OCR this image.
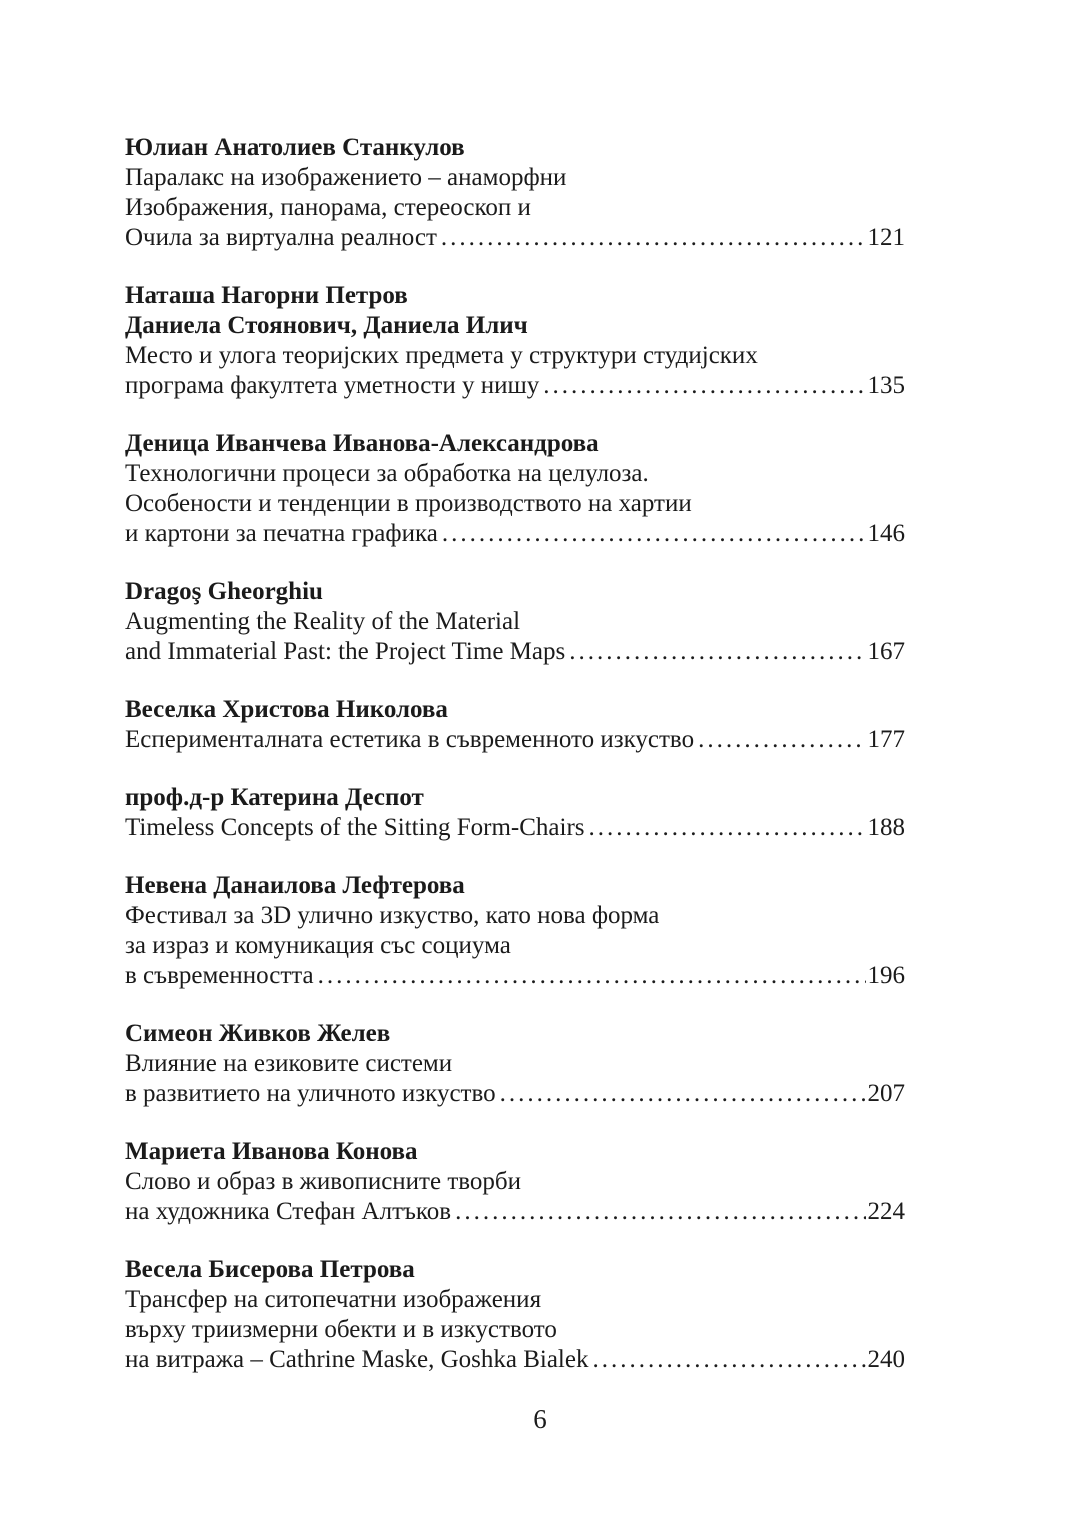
Юлиан Анатолиев Станкулов
Паралакс на изображението – анаморфни
Изображения, панорама, стереоскоп и
Очила за виртуална реалност .....	121
Наташа Нагорни Петров
Даниела Стоянович, Даниела Илич
Место и улога теоријских предмета у структури студијских
програма факултета уметности у нишу .....	135
Деница Иванчева Иванова-Александрова
Технологични процеси за обработка на целулоза.
Особености и тенденции в производството на хартии
и картони за печатна графика .....	146
Dragoş Gheorghiu
Augmenting the Reality of the Material
and Immaterial Past: the Project Time Maps .....	167
Веселка Христова Николова
Есперименталната естетика в съвременното изкуство .....	177
проф.д-р Катерина Деспот
Timeless Concepts of the Sitting Form-Chairs .....	188
Невена Данаилова Лефтерова
Фестивал за 3D улично изкуство, като нова форма
за израз и комуникация със социума
в съвременността .....	196
Симеон Живков Желев
Влияние на езиковите системи
в развитието на уличното изкуство .....	207
Мариета Иванова Конова
Слово и образ в живописните творби
на художника Стефан Алтъков .....	224
Весела Бисерова Петрова
Трансфер на ситопечатни изображения
върху триизмерни обекти и в изкуството
на витража – Cathrine Maske, Goshka Bialek .....	240
6
